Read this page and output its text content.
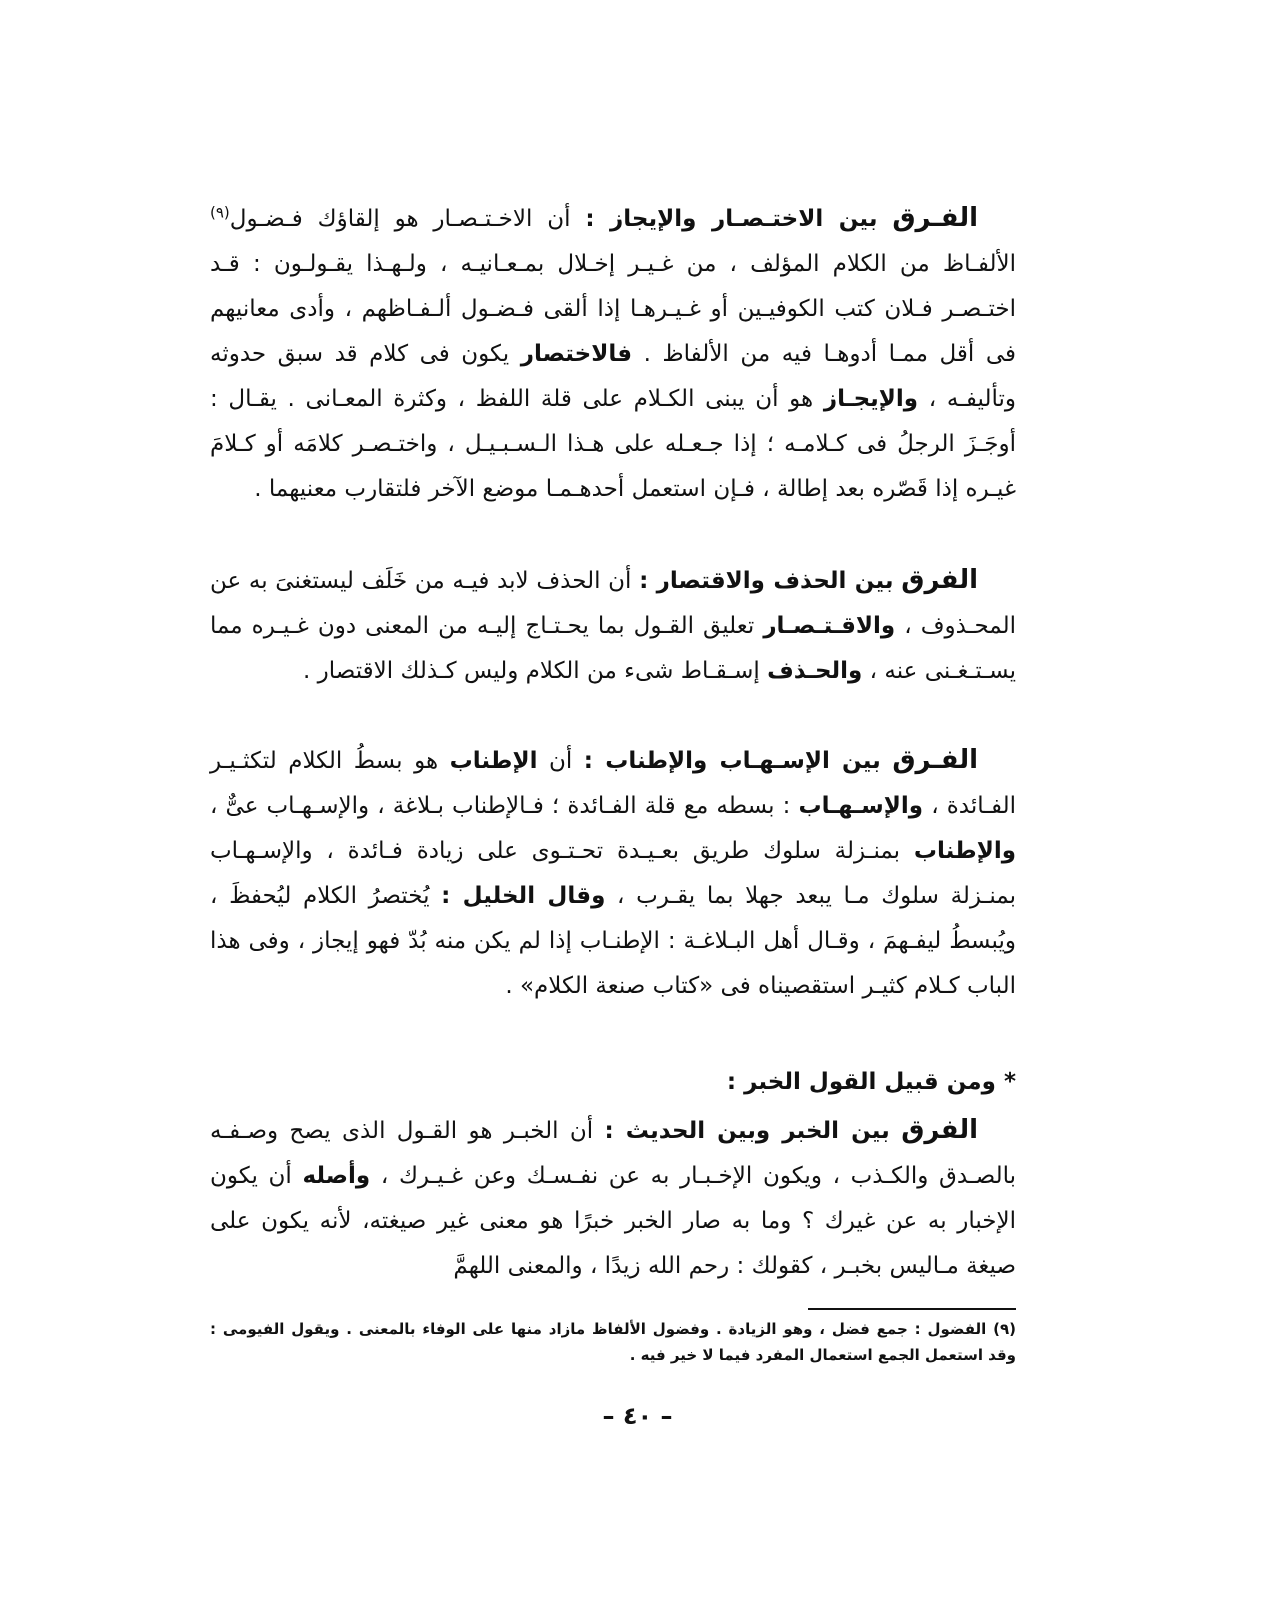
الفـرق بين الاختـصـار والإيجاز : أن الاخـتـصـار هو إلقاؤك فـضـول$^{(٩)}$ الألفـاظ من الكلام المؤلف ، من غـيـر إخـلال بمـعـانيـه ، ولـهـذا يقـولـون : قـد اختـصـر فـلان كتب الكوفيـين أو غـيـرهـا إذا ألقى فـضـول ألـفـاظهم ، وأدى معانيهم فى أقل ممـا أدوهـا فيه من الألفاظ . فالاختصار يكون فى كلام قد سبق حدوثه وتأليفـه ، والإيجـاز هو أن يبنى الكـلام على قلة اللفظ ، وكثرة المعـانى . يقـال : أوجَـزَ الرجلُ فى كـلامـه ؛ إذا جـعـله على هـذا الـسـبـيـل ، واختـصـر كلامَه أو كـلامَ غيـره إذا قَصّره بعد إطالة ، فـإن استعمل أحدهـمـا موضع الآخر فلتقارب معنيهما .

الفرق بين الحذف والاقتصار : أن الحذف لابد فيـه من خَلَف ليستغنىَ به عن المحـذوف ، والاقـتـصـار تعليق القـول بما يحـتـاج إليـه من المعنى دون غـيـره مما يسـتـغـنى عنه ، والحـذف إسـقـاط شىء من الكلام وليس كـذلك الاقتصار .

الفـرق بين الإسـهـاب والإطناب : أن الإطناب هو بسطُ الكلام لتكثـيـر الفـائدة ، والإسـهـاب : بسطه مع قلة الفـائدة ؛ فـالإطناب بـلاغة ، والإسـهـاب عىٌّ ، والإطناب بمنـزلة سلوك طريق بعـيـدة تحـتـوى على زيادة فـائدة ، والإسـهـاب بمنـزلة سلوك مـا يبعد جهلا بما يقـرب ، وقال الخليل : يُختصرُ الكلام ليُحفظَ ، ويُبسطُ ليفـهمَ ، وقـال أهل البـلاغـة : الإطنـاب إذا لم يكن منه بُدّ فهو إيجاز ، وفى هذا الباب كـلام كثيـر استقصيناه فى «كتاب صنعة الكلام» .

* ومن قبيل القول الخبر :

الفرق بين الخبر وبين الحديث : أن الخبـر هو القـول الذى يصح وصـفـه بالصـدق والكـذب ، ويكون الإخـبـار به عن نفـسـك وعن غـيـرك ، وأصله أن يكون الإخبار به عن غيرك ؟ وما به صار الخبر خبرًا هو معنى غير صيغته، لأنه يكون على صيغة مـاليس بخبـر ، كقولك : رحم الله زيدًا ، والمعنى اللهمَّ

(٩) الفضول : جمع فضل ، وهو الزيادة . وفضول الألفاظ مازاد منها على الوفاء بالمعنى . ويقول الفيومى : وقد استعمل الجمع استعمال المفرد فيما لا خير فيه .
– ٤٠ –
